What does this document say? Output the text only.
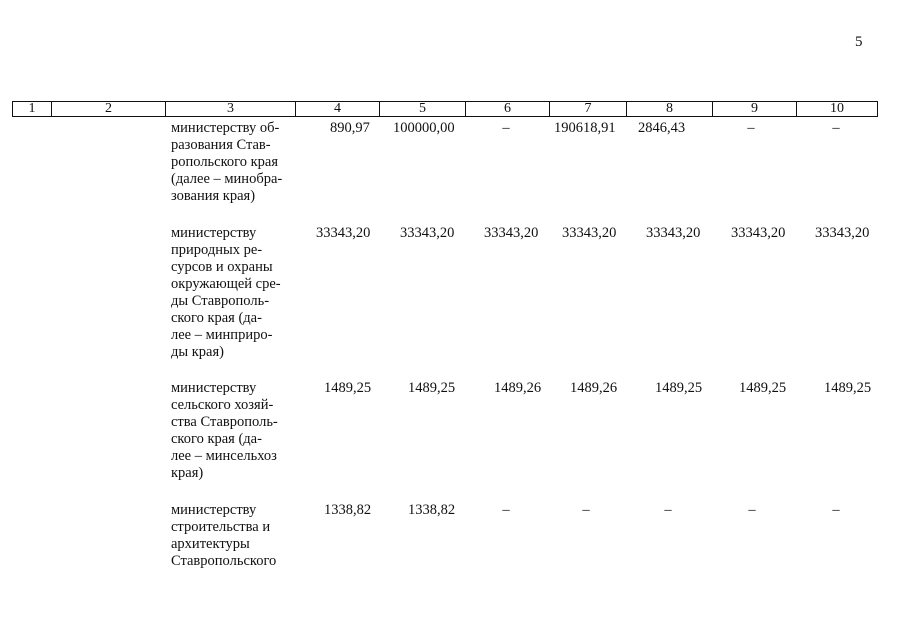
5
1	2	3	4	5	6	7	8	9	10
министерству об-
разования Став-
ропольского края
(далее – минобра-
зования края)
890,97 100000,00	–	190618,91 2846,43	–	–
министерству
природных ре-
сурсов и охраны
окружающей сре-
ды Ставрополь-
ского края (да-
лее – минприро-
ды края)
33343,20 33343,20 33343,20 33343,20 33343,20 33343,20 33343,20
министерству
сельского хозяй-
ства Ставрополь-
ского края (да-
лее – минсельхоз
края)
1489,25	1489,25	1489,26 1489,26	1489,25	1489,25	1489,25
министерству
строительства и
архитектуры
Ставропольского
1338,82	1338,82	–	–	–	–	–
